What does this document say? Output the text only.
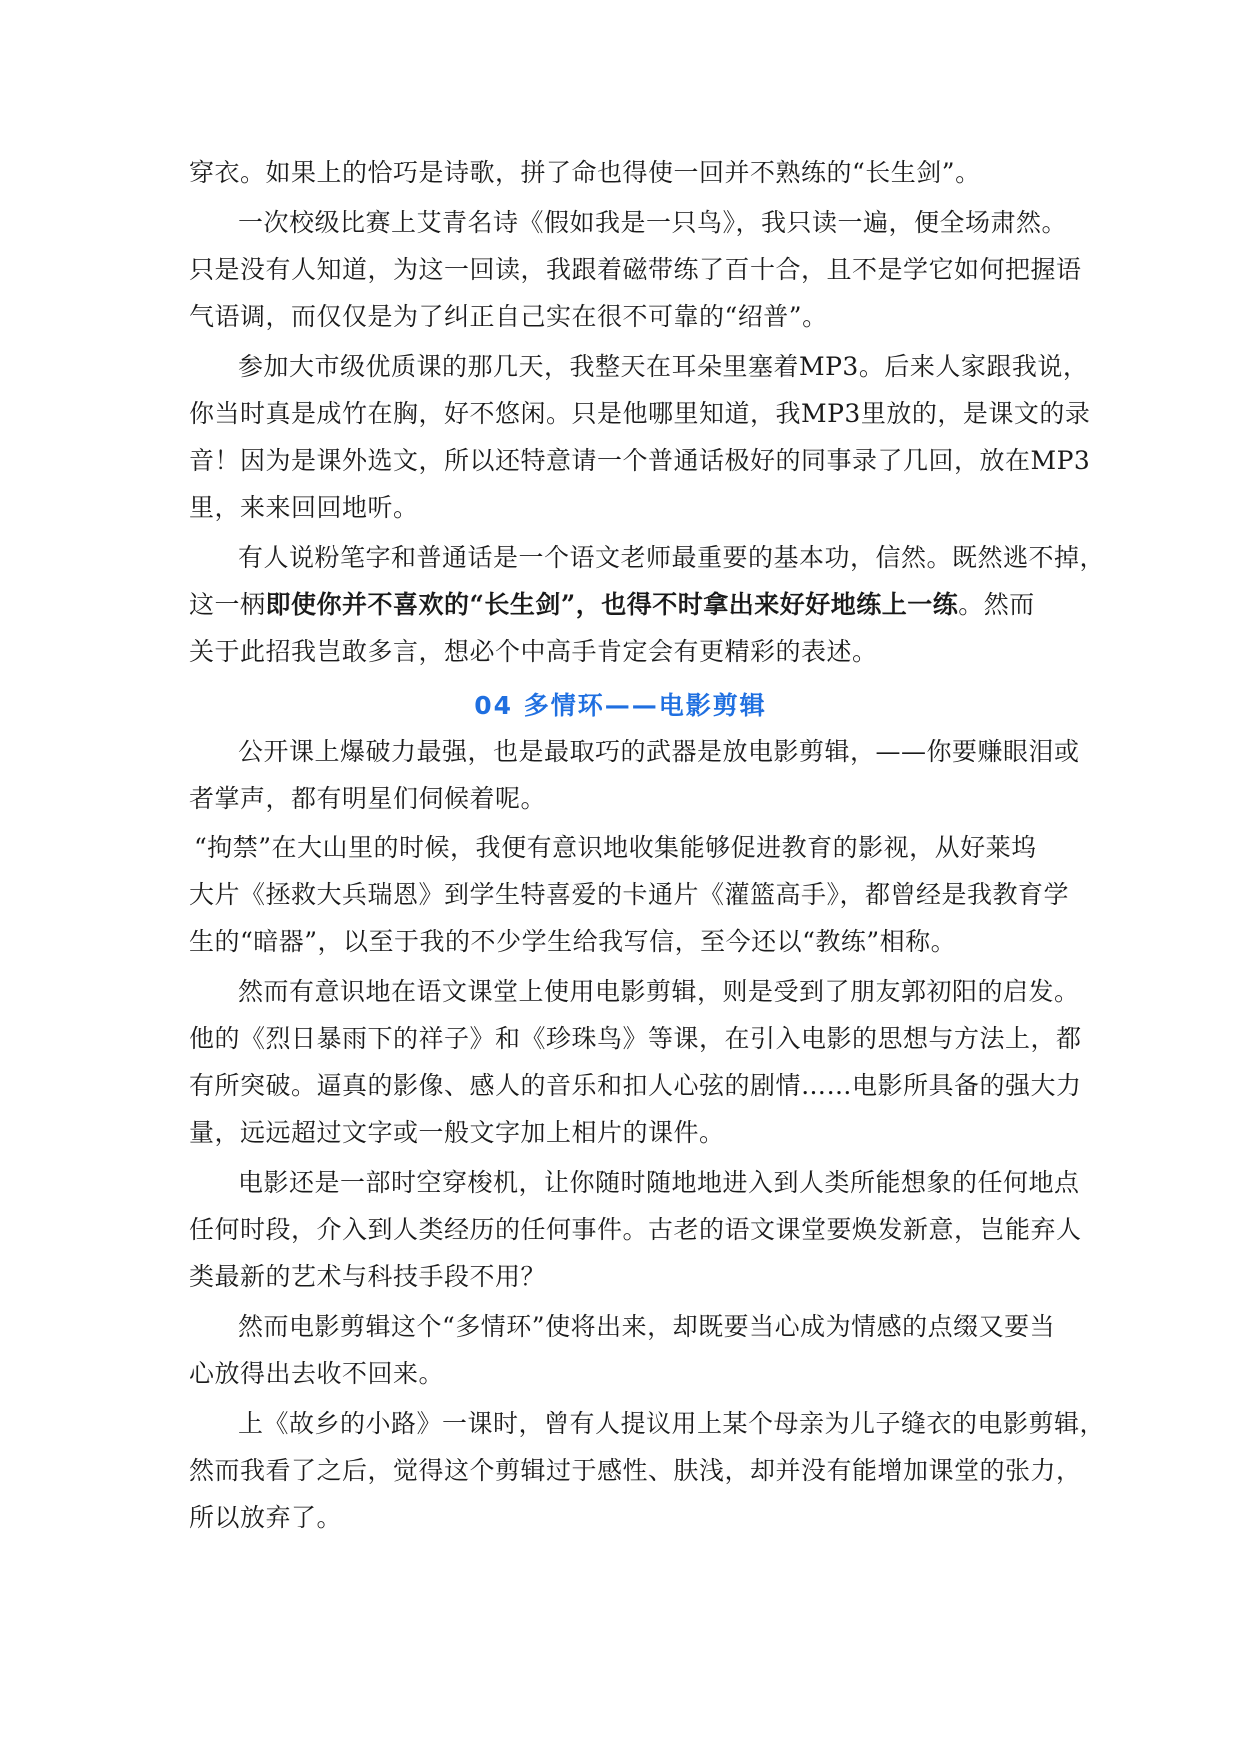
穿衣。如果上的恰巧是诗歌，拼了命也得使一回并不熟练的“长生剑”。
一次校级比赛上艾青名诗《假如我是一只鸟》，我只读一遍，便全场肃然。
只是没有人知道，为这一回读，我跟着磁带练了百十合，且不是学它如何把握语
气语调，而仅仅是为了纠正自己实在很不可靠的“绍普”。
参加大市级优质课的那几天，我整天在耳朵里塞着MP3。后来人家跟我说，
你当时真是成竹在胸，好不悠闲。只是他哪里知道，我MP3里放的，是课文的录
音！因为是课外选文，所以还特意请一个普通话极好的同事录了几回，放在MP3
里，来来回回地听。
有人说粉笔字和普通话是一个语文老师最重要的基本功，信然。既然逃不掉，
这一柄即使你并不喜欢的“长生剑”，也得不时拿出来好好地练上一练。然而
关于此招我岂敢多言，想必个中高手肯定会有更精彩的表述。
04 多情环——电影剪辑
公开课上爆破力最强，也是最取巧的武器是放电影剪辑，——你要赚眼泪或
者掌声，都有明星们伺候着呢。
“拘禁”在大山里的时候，我便有意识地收集能够促进教育的影视，从好莱坞
大片《拯救大兵瑞恩》到学生特喜爱的卡通片《灌篮高手》，都曾经是我教育学
生的“暗器”，以至于我的不少学生给我写信，至今还以“教练”相称。
然而有意识地在语文课堂上使用电影剪辑，则是受到了朋友郭初阳的启发。
他的《烈日暴雨下的祥子》和《珍珠鸟》等课，在引入电影的思想与方法上，都
有所突破。逼真的影像、感人的音乐和扣人心弦的剧情……电影所具备的强大力
量，远远超过文字或一般文字加上相片的课件。
电影还是一部时空穿梭机，让你随时随地地进入到人类所能想象的任何地点
任何时段，介入到人类经历的任何事件。古老的语文课堂要焕发新意，岂能弃人
类最新的艺术与科技手段不用？
然而电影剪辑这个“多情环”使将出来，却既要当心成为情感的点缀又要当
心放得出去收不回来。
上《故乡的小路》一课时，曾有人提议用上某个母亲为儿子缝衣的电影剪辑，
然而我看了之后，觉得这个剪辑过于感性、肤浅，却并没有能增加课堂的张力，
所以放弃了。
